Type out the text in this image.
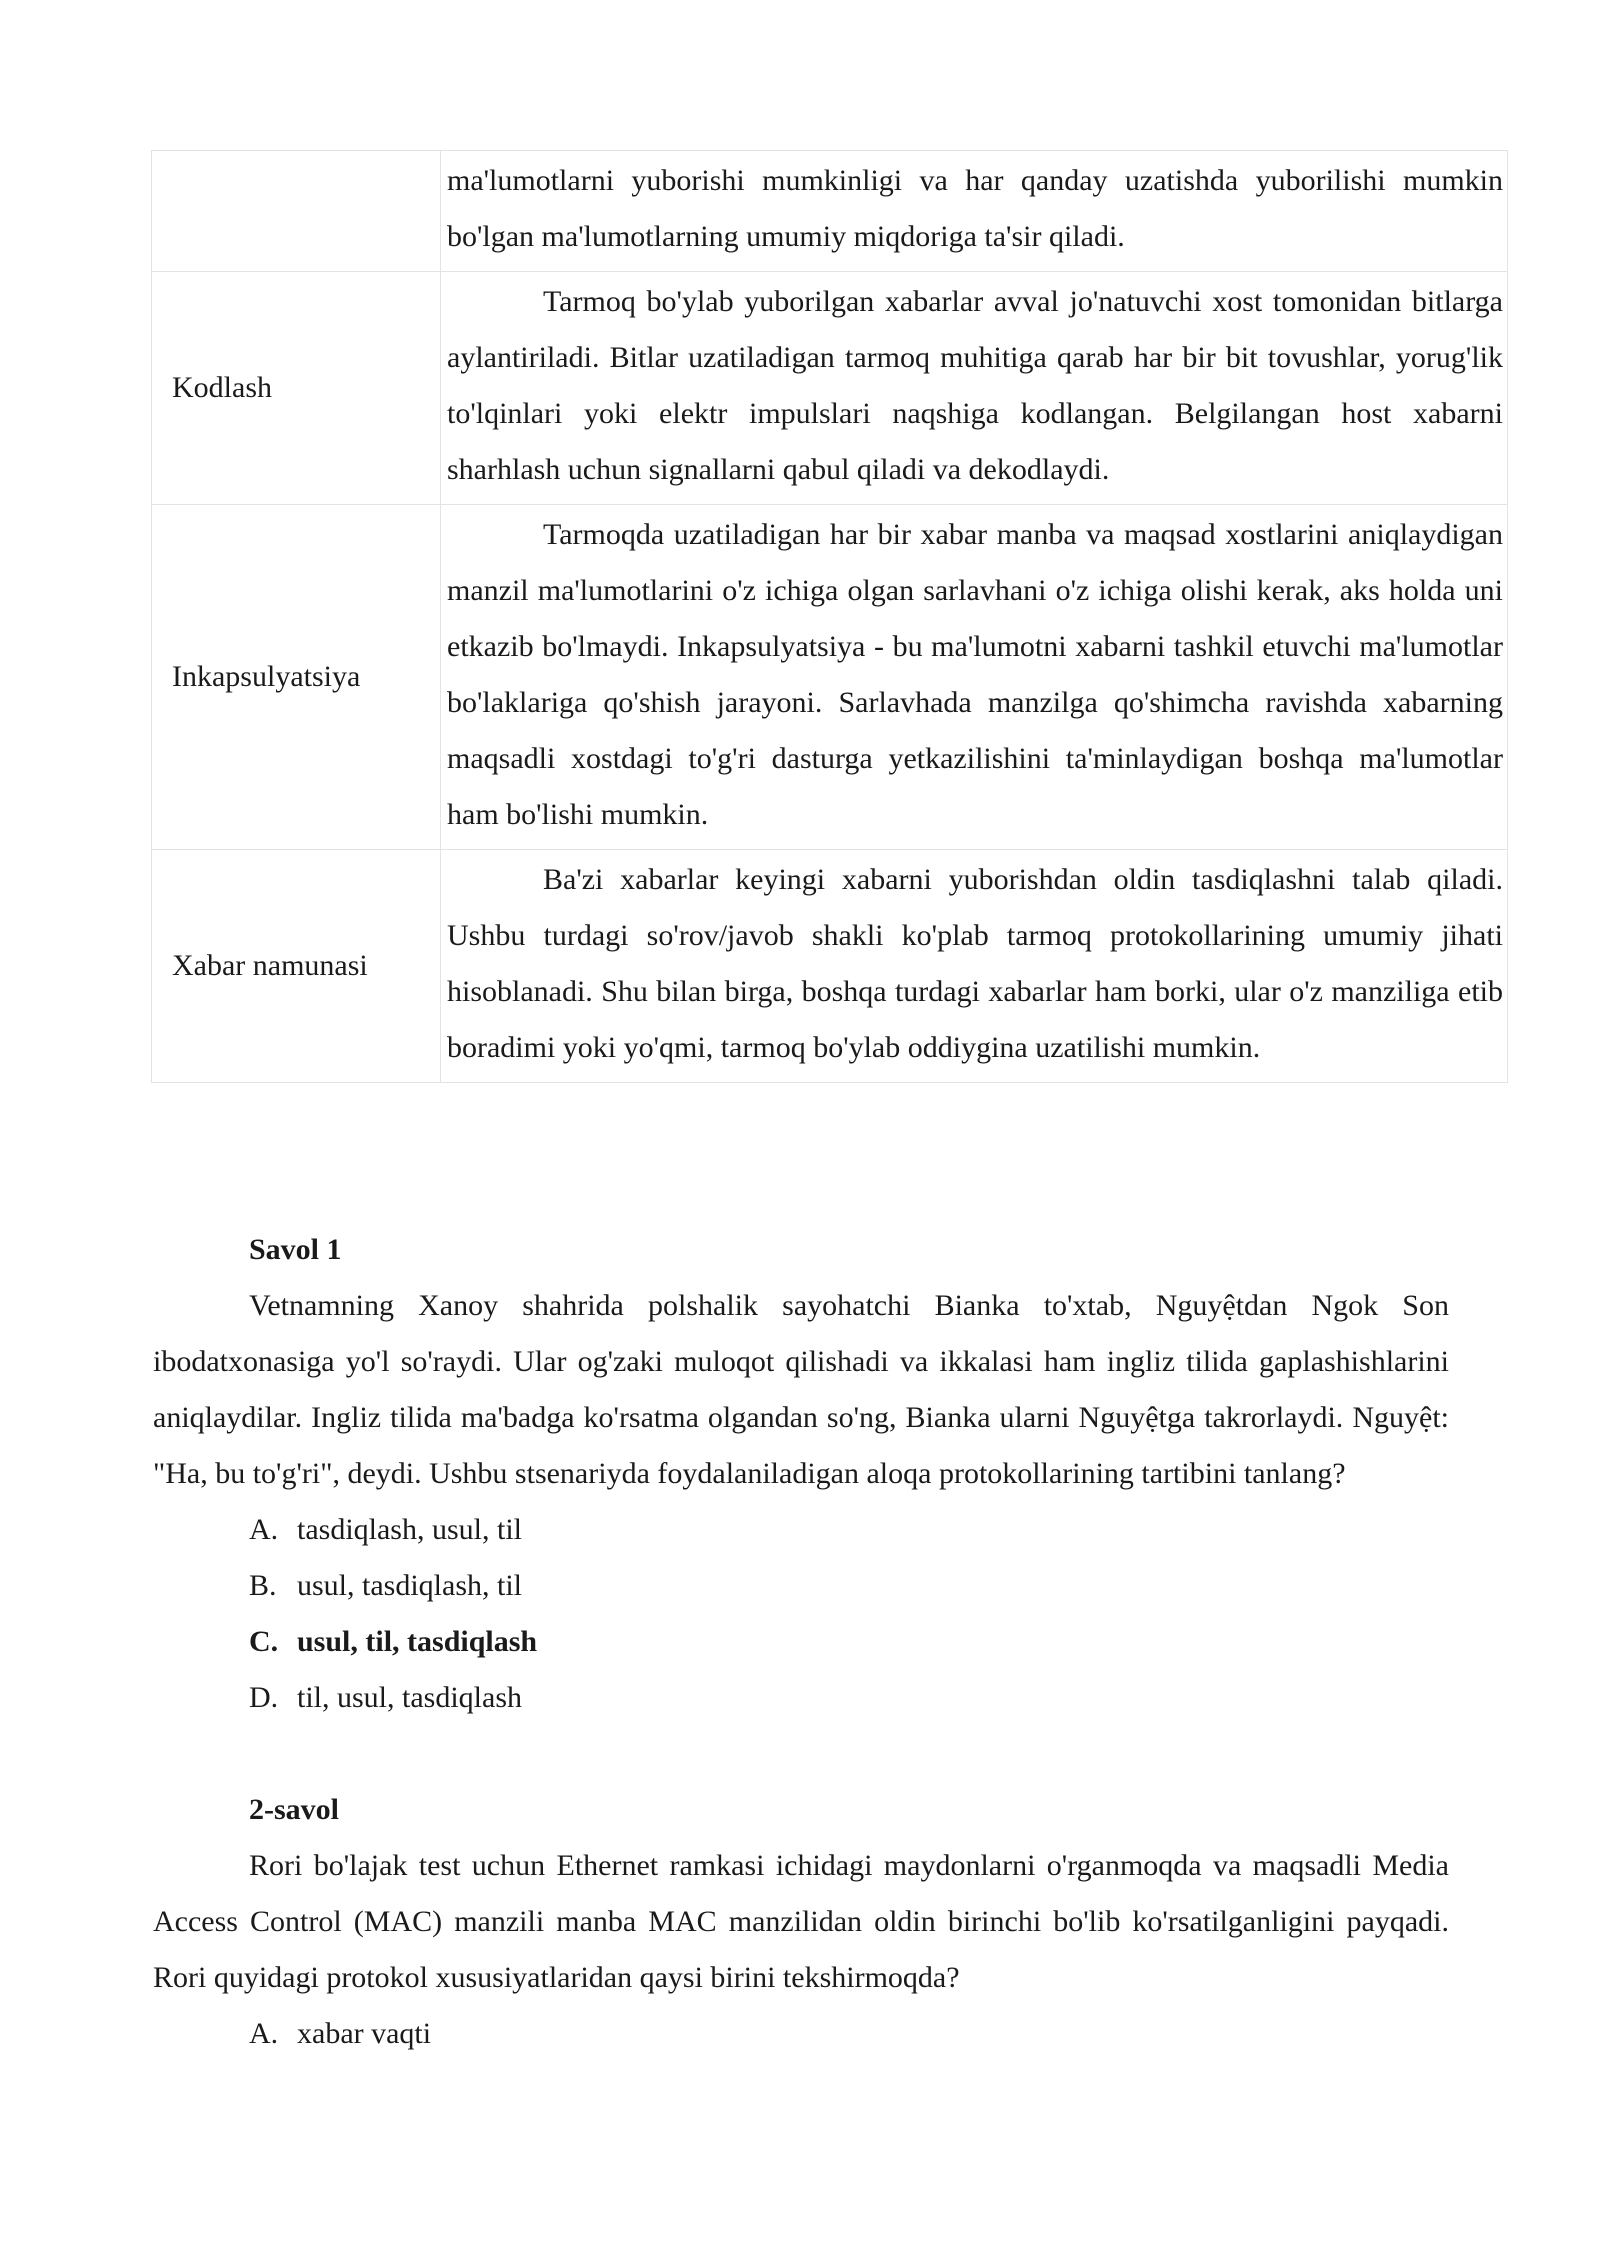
	ma'lumotlarni yuborishi mumkinligi va har qanday uzatishda yuborilishi mumkin bo'lgan ma'lumotlarning umumiy miqdoriga ta'sir qiladi.

Kodlash	Tarmoq bo'ylab yuborilgan xabarlar avval jo'natuvchi xost tomonidan bitlarga aylantiriladi. Bitlar uzatiladigan tarmoq muhitiga qarab har bir bit tovushlar, yorug'lik to'lqinlari yoki elektr impulslari naqshiga kodlangan. Belgilangan host xabarni sharhlash uchun signallarni qabul qiladi va dekodlaydi.

Inkapsulyatsiya	Tarmoqda uzatiladigan har bir xabar manba va maqsad xostlarini aniqlaydigan manzil ma'lumotlarini o'z ichiga olgan sarlavhani o'z ichiga olishi kerak, aks holda uni etkazib bo'lmaydi. Inkapsulyatsiya - bu ma'lumotni xabarni tashkil etuvchi ma'lumotlar bo'laklariga qo'shish jarayoni. Sarlavhada manzilga qo'shimcha ravishda xabarning maqsadli xostdagi to'g'ri dasturga yetkazilishini ta'minlaydigan boshqa ma'lumotlar ham bo'lishi mumkin.

Xabar namunasi	Ba'zi xabarlar keyingi xabarni yuborishdan oldin tasdiqlashni talab qiladi. Ushbu turdagi so'rov/javob shakli ko'plab tarmoq protokollarining umumiy jihati hisoblanadi. Shu bilan birga, boshqa turdagi xabarlar ham borki, ular o'z manziliga etib boradimi yoki yo'qmi, tarmoq bo'ylab oddiygina uzatilishi mumkin.

Savol 1

Vetnamning Xanoy shahrida polshalik sayohatchi Bianka to'xtab, Nguyệtdan Ngok Son ibodatxonasiga yo'l so'raydi. Ular og'zaki muloqot qilishadi va ikkalasi ham ingliz tilida gaplashishlarini aniqlaydilar. Ingliz tilida ma'badga ko'rsatma olgandan so'ng, Bianka ularni Nguyệtga takrorlaydi. Nguyệt: "Ha, bu to'g'ri", deydi. Ushbu stsenariyda foydalaniladigan aloqa protokollarining tartibini tanlang?

A. tasdiqlash, usul, til
B. usul, tasdiqlash, til
C. usul, til, tasdiqlash
D. til, usul, tasdiqlash

2-savol

Rori bo'lajak test uchun Ethernet ramkasi ichidagi maydonlarni o'rganmoqda va maqsadli Media Access Control (MAC) manzili manba MAC manzilidan oldin birinchi bo'lib ko'rsatilganligini payqadi. Rori quyidagi protokol xususiyatlaridan qaysi birini tekshirmoqda?

A. xabar vaqti
